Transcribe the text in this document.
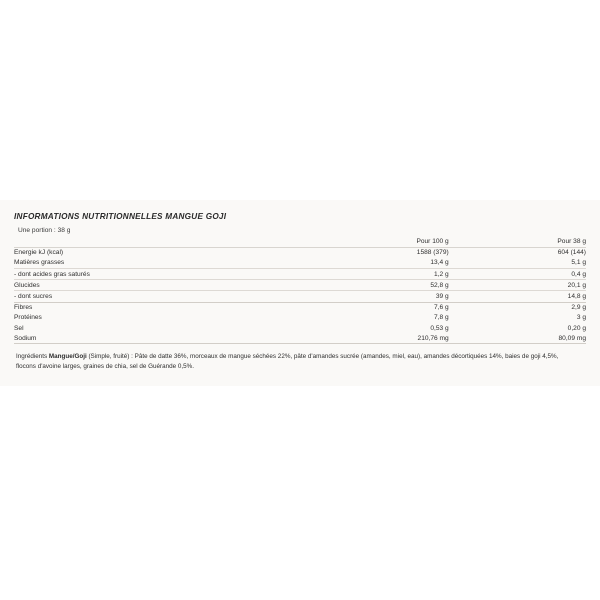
INFORMATIONS NUTRITIONNELLES MANGUE GOJI
Une portion : 38 g
	Pour 100 g	Pour 38 g
Energie kJ (kcal)	1588 (379)	604 (144)
Matières grasses	13,4 g	5,1 g
- dont acides gras saturés	1,2 g	0,4 g
Glucides	52,8 g	20,1 g
- dont sucres	39 g	14,8 g
Fibres	7,6 g	2,9 g
Protéines	7,8 g	3 g
Sel	0,53 g	0,20 g
Sodium	210,76 mg	80,09 mg
Ingrédients Mangue/Goji (Simple, fruité) : Pâte de datte 36%, morceaux de mangue séchées 22%, pâte d'amandes sucrée (amandes, miel, eau), amandes décortiquées 14%, baies de goji 4,5%, flocons d'avoine larges, graines de chia, sel de Guérande 0,5%.
